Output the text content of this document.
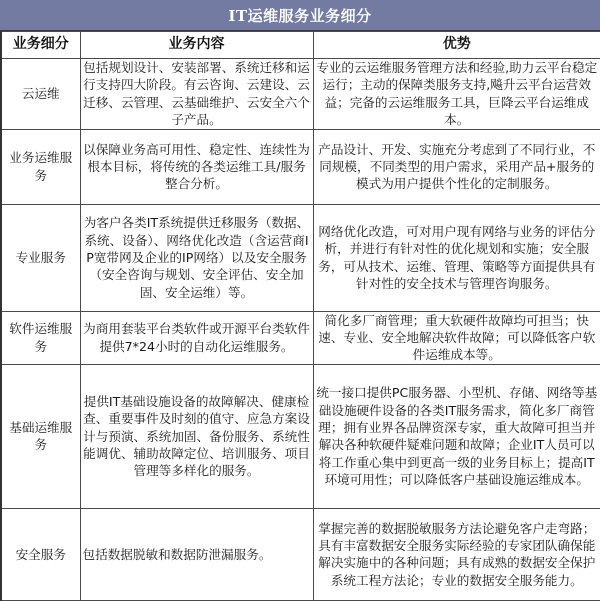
IT运维服务业务细分
业务细分	业务内容	优势
云运维	包括规划设计、安装部署、系统迁移和运行支持四大阶段。有云咨询、云建设、云迁移、云管理、云基础维护、云安全六个子产品。	专业的云运维服务管理方法和经验,助力云平台稳定运行；主动的保障类服务支持,飚升云平台运营效益；完备的云运维服务工具，巨降云平台运维成本。
业务运维服务	以保障业务高可用性、稳定性、连续性为根本目标，将传统的各类运维工具/服务整合分析。	产品设计、开发、实施充分考虑到了不同行业，不同规模，不同类型的用户需求，采用产品+服务的模式为用户提供个性化的定制服务。
专业服务	为客户各类IT系统提供迁移服务（数据、系统、设备）、网络优化改造（含运营商IP宽带网及企业的IP网络）以及安全服务（安全咨询与规划、安全评估、安全加固、安全运维）等。	网络优化改造，可对用户现有网络与业务的评估分析，并进行有针对性的优化规划和实施；安全服务，可从技术、运维、管理、策略等方面提供具有针对性的安全技术与管理咨询服务。
软件运维服务	为商用套装平台类软件或开源平台类软件提供7*24小时的自动化运维服务。	简化多厂商管理；重大软硬件故障均可担当；快速、专业、安全地解决软件故障；可以降低客户软件运维成本等。
基础运维服务	提供IT基础设施设备的故障解决、健康检查、重要事件及时刻的值守、应急方案设计与预演、系统加固、备份服务、系统性能调优、辅助故障定位、培训服务、项目管理等多样化的服务。	统一接口提供PC服务器、小型机、存储、网络等基础设施硬件设备的各类IT服务需求，简化多厂商管理；拥有业界各品牌资深专家，重大故障可担当并解决各种软硬件疑难问题和故障；企业IT人员可以将工作重心集中到更高一级的业务目标上；提高IT环境可用性；可以降低客户基础设施运维成本。
安全服务	包括数据脱敏和数据防泄漏服务。	掌握完善的数据脱敏服务方法论避免客户走弯路；具有丰富数据安全服务实际经验的专家团队确保能解决实施中的各种问题；具有成熟的数据安全保护系统工程方法论；专业的数据安全服务能力。
